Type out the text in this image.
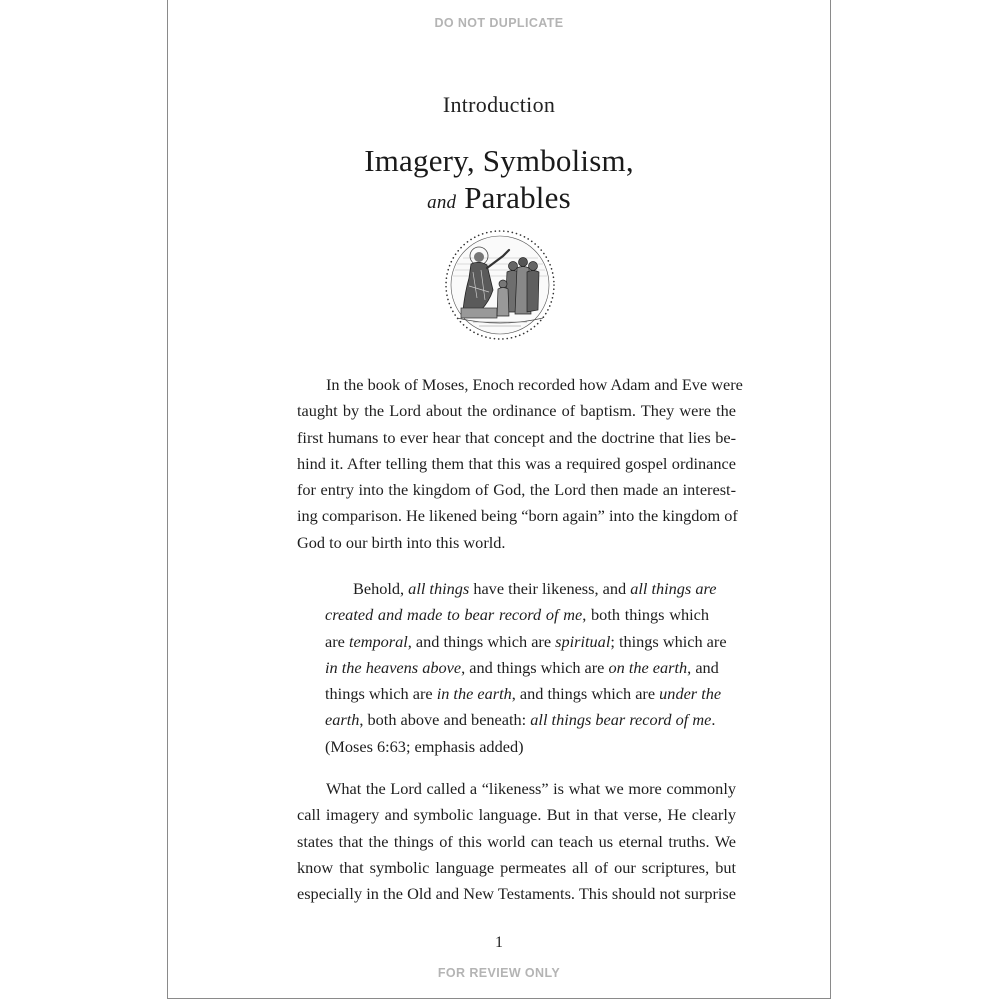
DO NOT DUPLICATE
Introduction
Imagery, Symbolism,
and Parables
In the book of Moses, Enoch recorded how Adam and Eve were
taught by the Lord about the ordinance of baptism. They were the
first humans to ever hear that concept and the doctrine that lies be-
hind it. After telling them that this was a required gospel ordinance
for entry into the kingdom of God, the Lord then made an interest-
ing comparison. He likened being “born again” into the kingdom of
God to our birth into this world.
Behold, all things have their likeness, and all things are
created and made to bear record of me, both things which
are temporal, and things which are spiritual; things which are
in the heavens above, and things which are on the earth, and
things which are in the earth, and things which are under the
earth, both above and beneath: all things bear record of me.
(Moses 6:63; emphasis added)
What the Lord called a “likeness” is what we more commonly
call imagery and symbolic language. But in that verse, He clearly
states that the things of this world can teach us eternal truths. We
know that symbolic language permeates all of our scriptures, but
especially in the Old and New Testaments. This should not surprise
1
FOR REVIEW ONLY
